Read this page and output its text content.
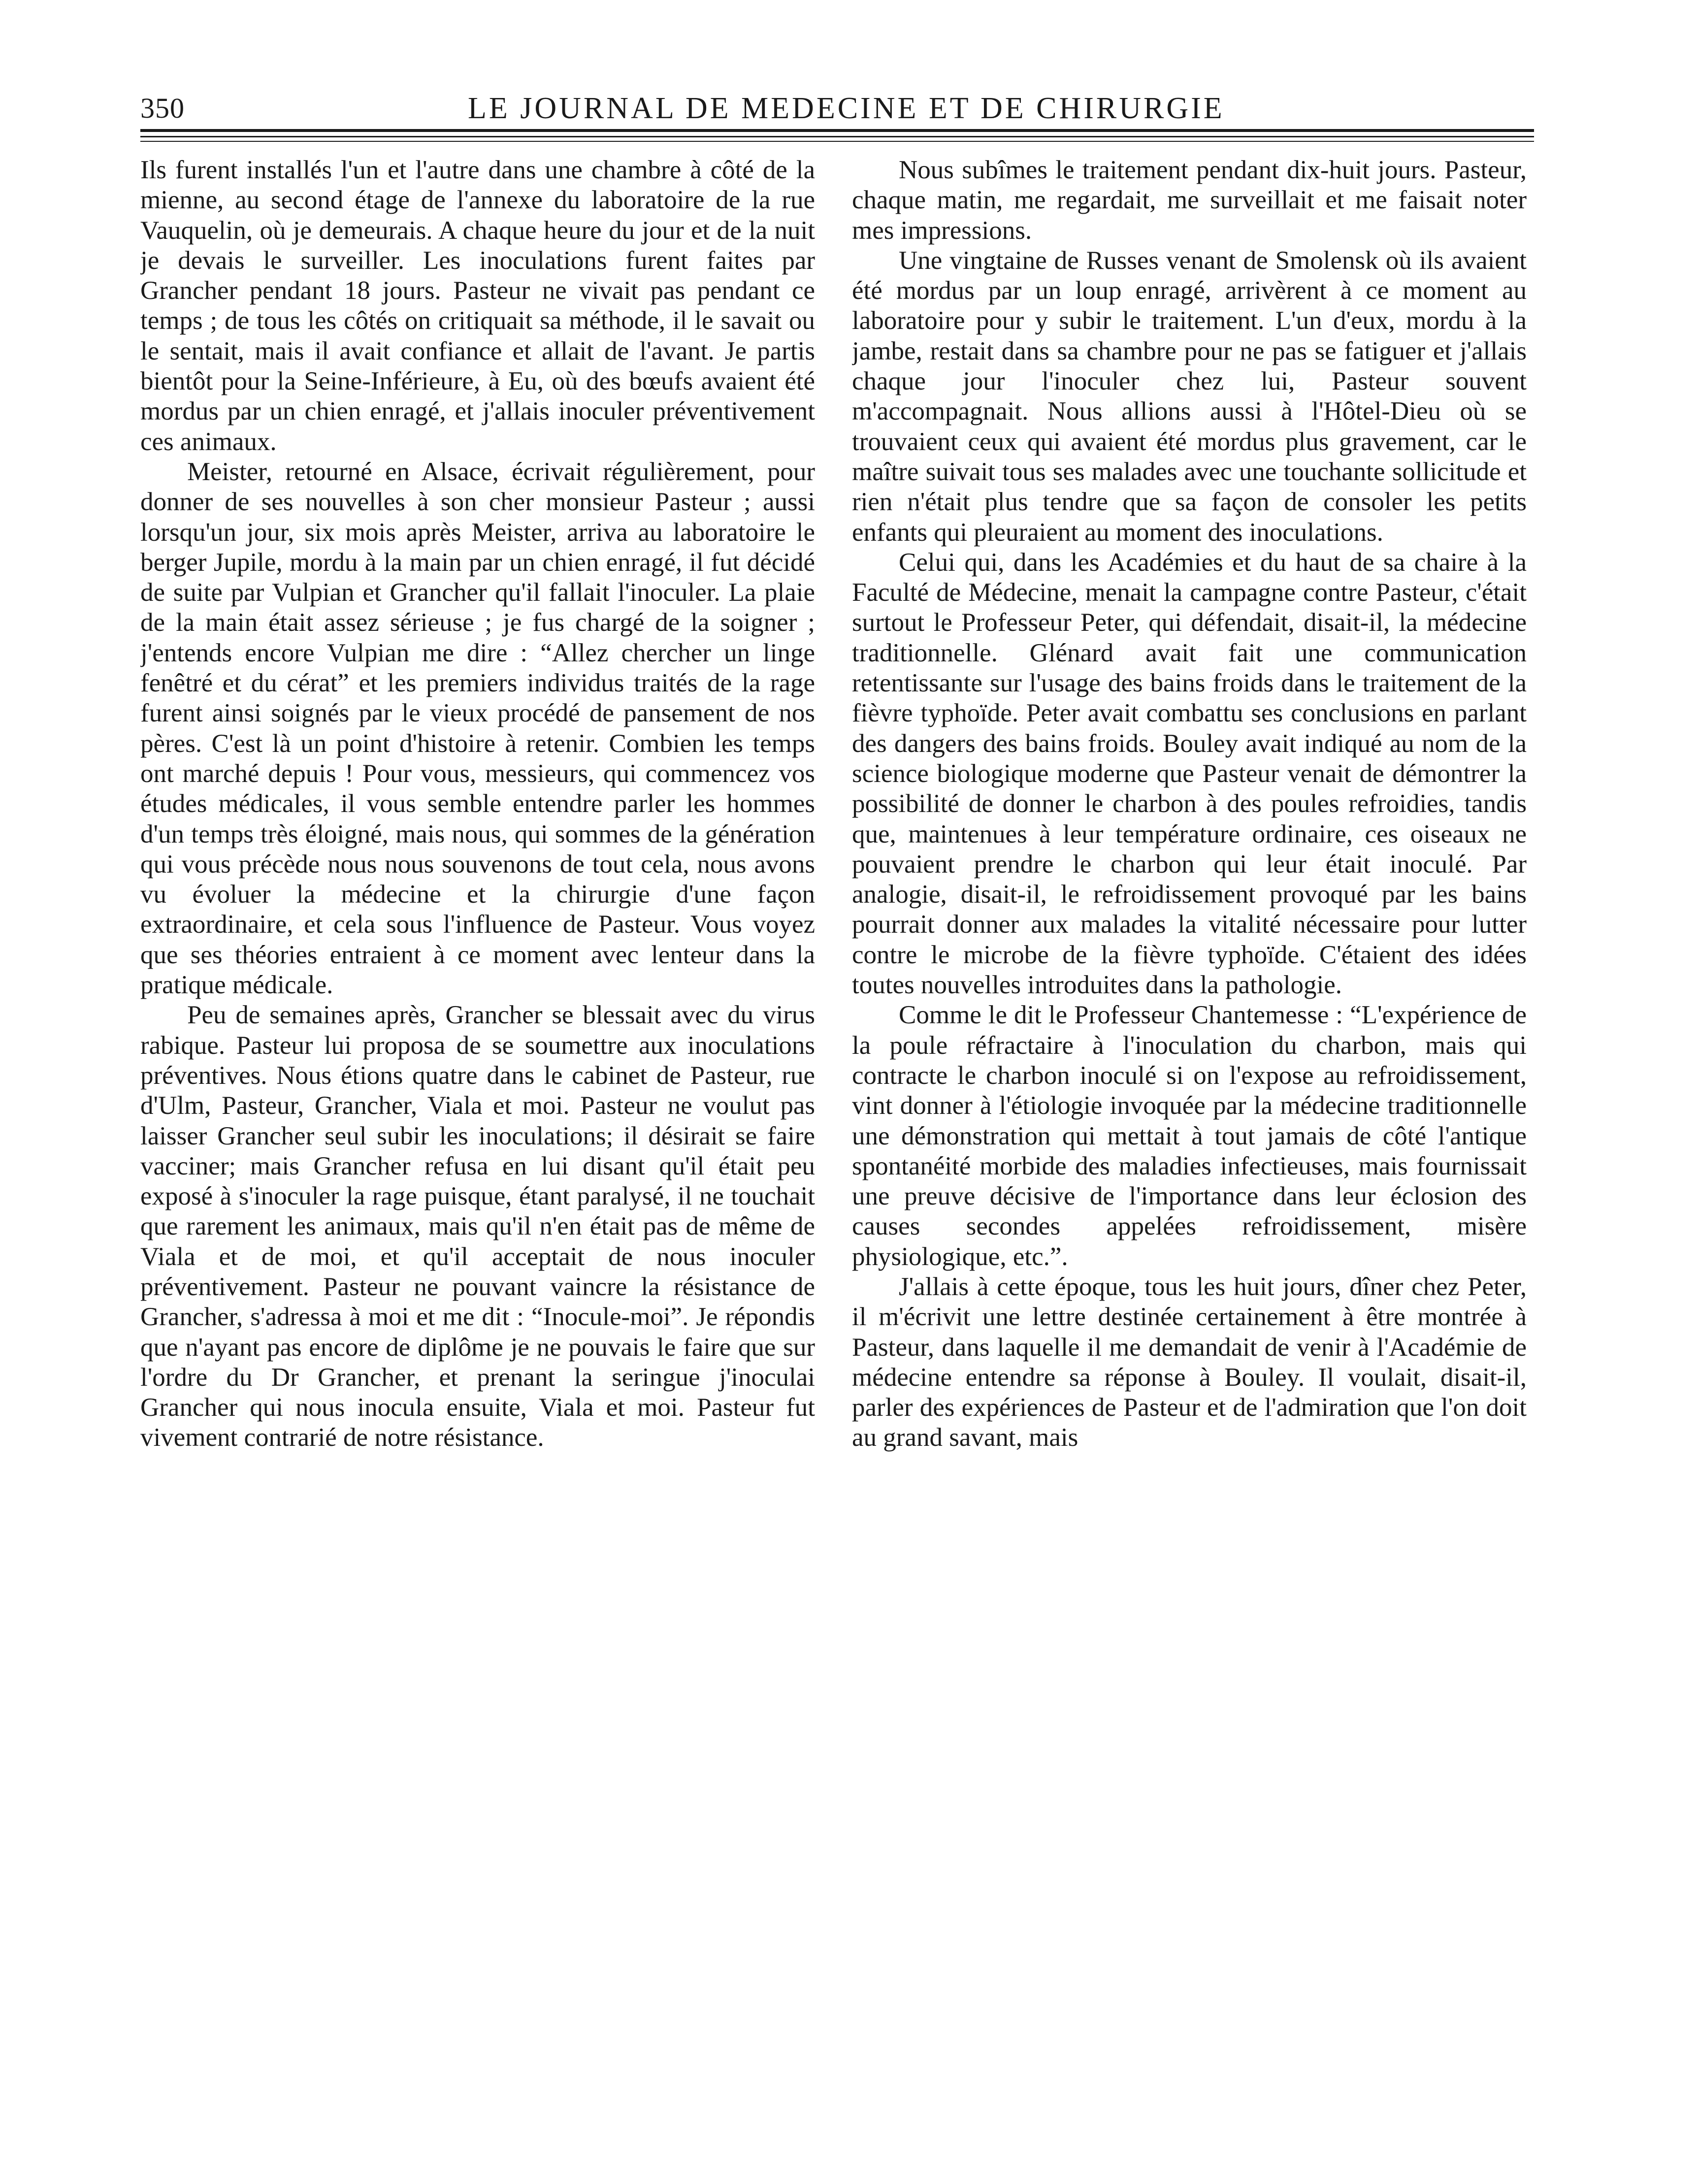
350	LE JOURNAL DE MEDECINE ET DE CHIRURGIE

Ils furent installés l'un et l'autre dans une chambre à côté de la mienne, au second étage de l'annexe du laboratoire de la rue Vauquelin, où je demeurais. A chaque heure du jour et de la nuit je devais le surveiller. Les inoculations furent faites par Grancher pendant 18 jours. Pasteur ne vivait pas pendant ce temps ; de tous les côtés on critiquait sa méthode, il le savait ou le sentait, mais il avait confiance et allait de l'avant. Je partis bientôt pour la Seine-Inférieure, à Eu, où des bœufs avaient été mordus par un chien enragé, et j'allais inoculer préventivement ces animaux.

Meister, retourné en Alsace, écrivait régulièrement, pour donner de ses nouvelles à son cher monsieur Pasteur ; aussi lorsqu'un jour, six mois après Meister, arriva au laboratoire le berger Jupile, mordu à la main par un chien enragé, il fut décidé de suite par Vulpian et Grancher qu'il fallait l'inoculer. La plaie de la main était assez sérieuse ; je fus chargé de la soigner ; j'entends encore Vulpian me dire : “Allez chercher un linge fenêtré et du cérat” et les premiers individus traités de la rage furent ainsi soignés par le vieux procédé de pansement de nos pères. C'est là un point d'histoire à retenir. Combien les temps ont marché depuis ! Pour vous, messieurs, qui commencez vos études médicales, il vous semble entendre parler les hommes d'un temps très éloigné, mais nous, qui sommes de la génération qui vous précède nous nous souvenons de tout cela, nous avons vu évoluer la médecine et la chirurgie d'une façon extraordinaire, et cela sous l'influence de Pasteur. Vous voyez que ses théories entraient à ce moment avec lenteur dans la pratique médicale.

Peu de semaines après, Grancher se blessait avec du virus rabique. Pasteur lui proposa de se soumettre aux inoculations préventives. Nous étions quatre dans le cabinet de Pasteur, rue d'Ulm, Pasteur, Grancher, Viala et moi. Pasteur ne voulut pas laisser Grancher seul subir les inoculations; il désirait se faire vacciner; mais Grancher refusa en lui disant qu'il était peu exposé à s'inoculer la rage puisque, étant paralysé, il ne touchait que rarement les animaux, mais qu'il n'en était pas de même de Viala et de moi, et qu'il acceptait de nous inoculer préventivement. Pasteur ne pouvant vaincre la résistance de Grancher, s'adressa à moi et me dit : “Inocule-moi”. Je répondis que n'ayant pas encore de diplôme je ne pouvais le faire que sur l'ordre du Dr Grancher, et prenant la seringue j'inoculai Grancher qui nous inocula ensuite, Viala et moi. Pasteur fut vivement contrarié de notre résistance.

Nous subîmes le traitement pendant dix-huit jours. Pasteur, chaque matin, me regardait, me surveillait et me faisait noter mes impressions.

Une vingtaine de Russes venant de Smolensk où ils avaient été mordus par un loup enragé, arrivèrent à ce moment au laboratoire pour y subir le traitement. L'un d'eux, mordu à la jambe, restait dans sa chambre pour ne pas se fatiguer et j'allais chaque jour l'inoculer chez lui, Pasteur souvent m'accompagnait. Nous allions aussi à l'Hôtel-Dieu où se trouvaient ceux qui avaient été mordus plus gravement, car le maître suivait tous ses malades avec une touchante sollicitude et rien n'était plus tendre que sa façon de consoler les petits enfants qui pleuraient au moment des inoculations.

Celui qui, dans les Académies et du haut de sa chaire à la Faculté de Médecine, menait la campagne contre Pasteur, c'était surtout le Professeur Peter, qui défendait, disait-il, la médecine traditionnelle. Glénard avait fait une communication retentissante sur l'usage des bains froids dans le traitement de la fièvre typhoïde. Peter avait combattu ses conclusions en parlant des dangers des bains froids. Bouley avait indiqué au nom de la science biologique moderne que Pasteur venait de démontrer la possibilité de donner le charbon à des poules refroidies, tandis que, maintenues à leur température ordinaire, ces oiseaux ne pouvaient prendre le charbon qui leur était inoculé. Par analogie, disait-il, le refroidissement provoqué par les bains pourrait donner aux malades la vitalité nécessaire pour lutter contre le microbe de la fièvre typhoïde. C'étaient des idées toutes nouvelles introduites dans la pathologie.

Comme le dit le Professeur Chantemesse : “L'expérience de la poule réfractaire à l'inoculation du charbon, mais qui contracte le charbon inoculé si on l'expose au refroidissement, vint donner à l'étiologie invoquée par la médecine traditionnelle une démonstration qui mettait à tout jamais de côté l'antique spontanéité morbide des maladies infectieuses, mais fournissait une preuve décisive de l'importance dans leur éclosion des causes secondes appelées refroidissement, misère physiologique, etc.”.

J'allais à cette époque, tous les huit jours, dîner chez Peter, il m'écrivit une lettre destinée certainement à être montrée à Pasteur, dans laquelle il me demandait de venir à l'Académie de médecine entendre sa réponse à Bouley. Il voulait, disait-il, parler des expériences de Pasteur et de l'admiration que l'on doit au grand savant, mais
